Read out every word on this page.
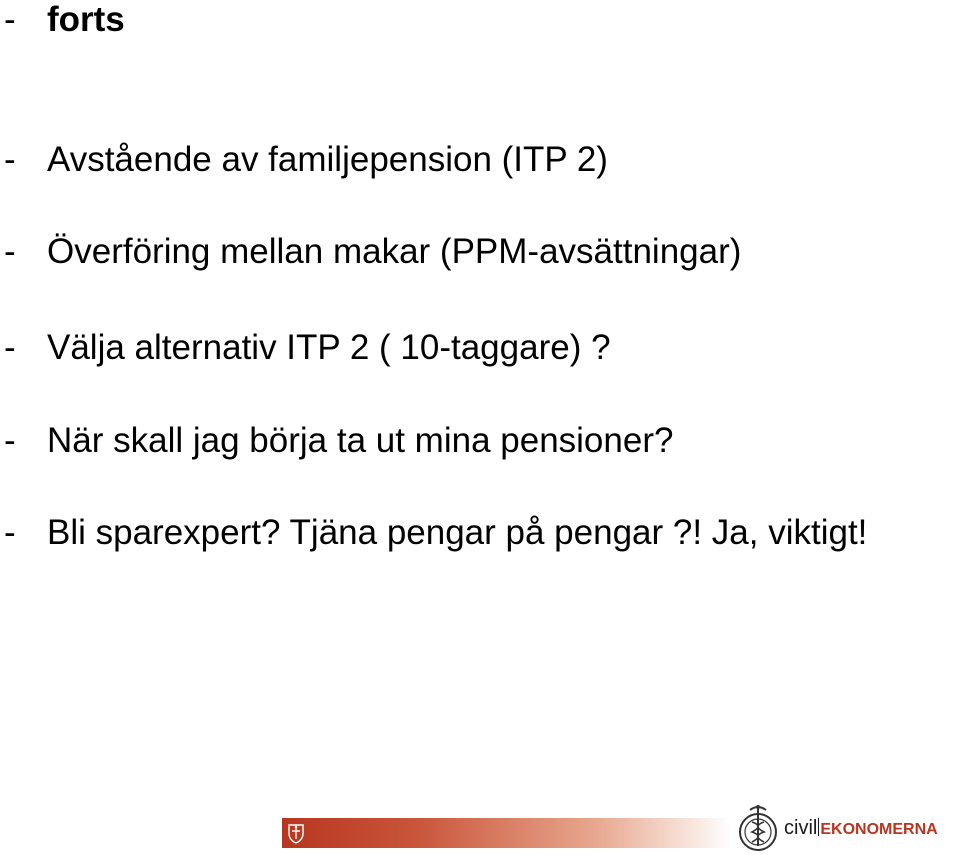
- forts
- Avstående av familjepension (ITP 2)
- Överföring mellan makar (PPM-avsättningar)
- Välja alternativ ITP 2 ( 10-taggare) ?
- När skall jag börja ta ut mina pensioner?
- Bli sparexpert? Tjäna pengar på pengar ?! Ja, viktigt!
civil EKONOMERNA
